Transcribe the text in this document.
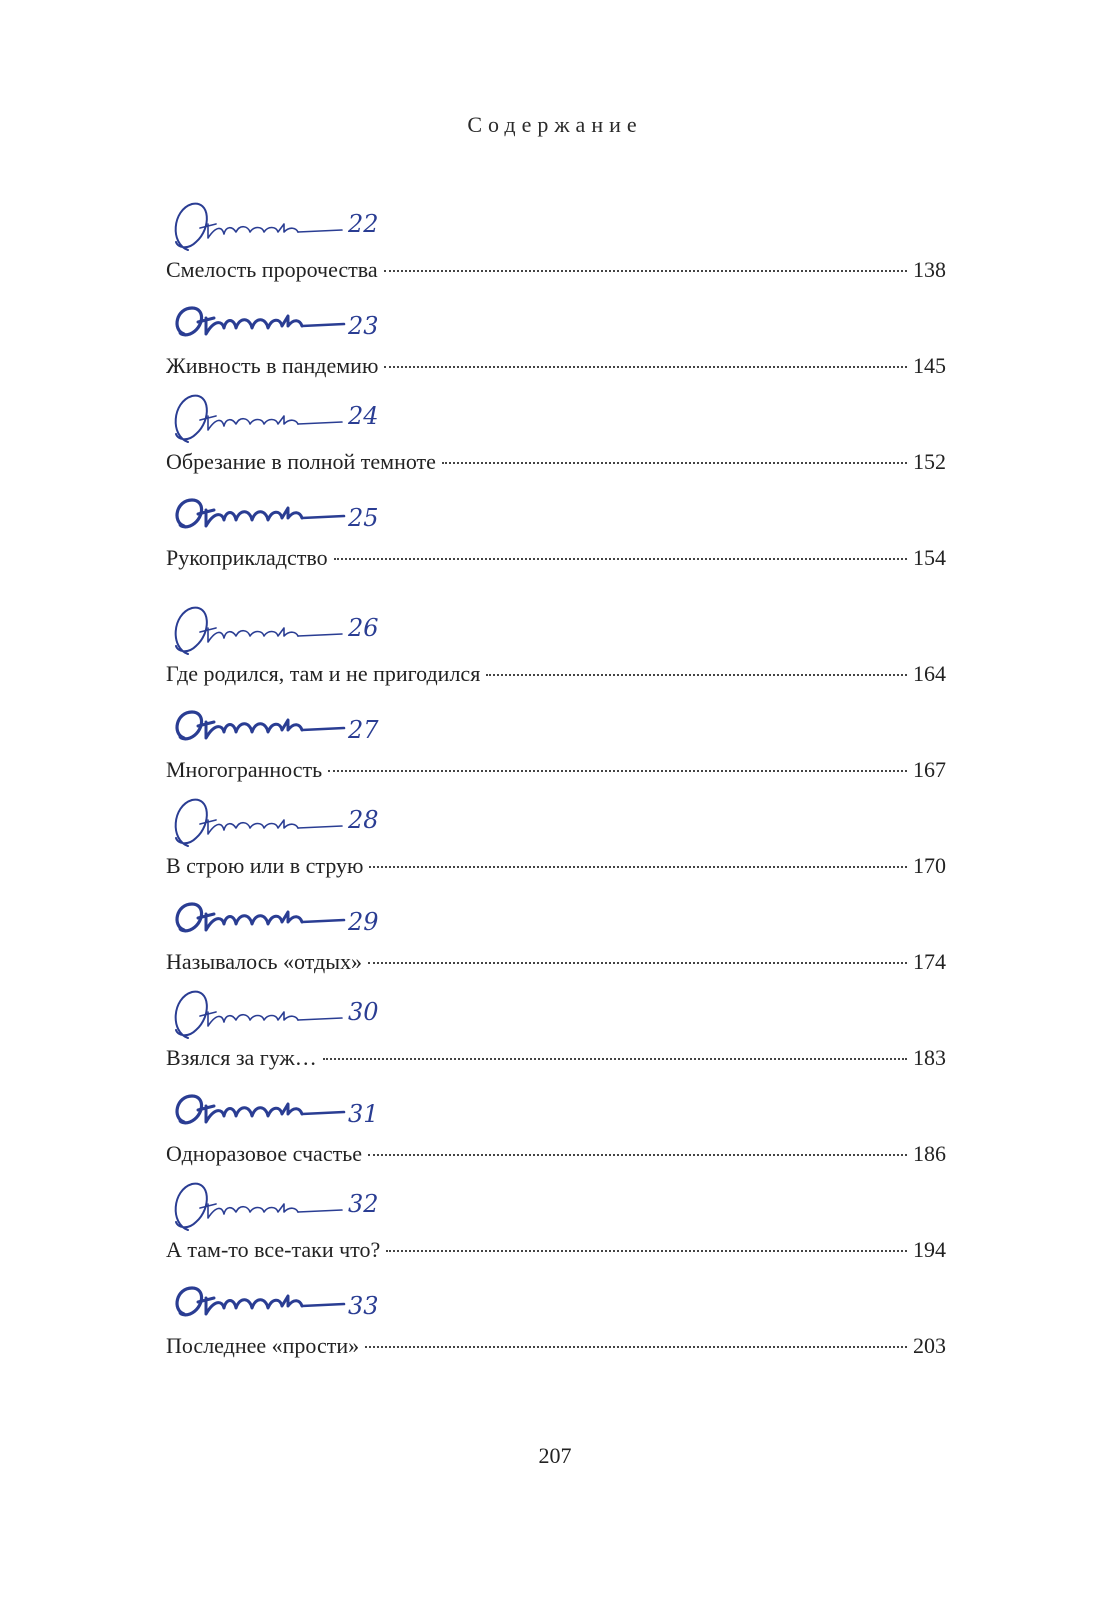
Содержание
22
Смелость пророчества	138
23
Живность в пандемию	145
24
Обрезание в полной темноте	152
25
Рукоприкладство	154
26
Где родился, там и не пригодился	164
27
Многогранность	167
28
В строю или в струю	170
29
Называлось «отдых»	174
30
Взялся за гуж…	183
31
Одноразовое счастье	186
32
А там-то все-таки что?	194
33
Последнее «прости»	203
207
